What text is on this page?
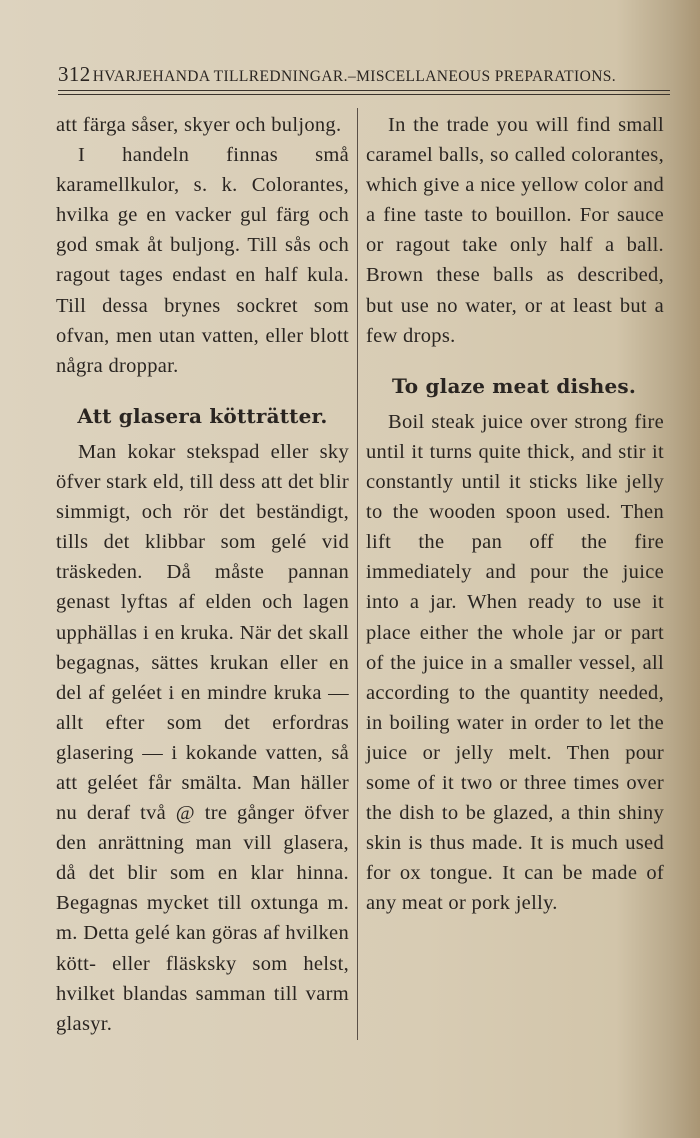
312 HVARJEHANDA TILLREDNINGAR.–MISCELLANEOUS PREPARATIONS.

att färga såser, skyer och buljong.

I handeln finnas små karamellkulor, s. k. Colorantes, hvilka ge en vacker gul färg och god smak åt buljong. Till sås och ragout tages endast en half kula. Till dessa brynes sockret som ofvan, men utan vatten, eller blott några droppar.

Att glasera kötträtter.

Man kokar stekspad eller sky öfver stark eld, till dess att det blir simmigt, och rör det beständigt, tills det klibbar som gelé vid träskeden. Då måste pannan genast lyftas af elden och lagen upphällas i en kruka. När det skall begagnas, sättes krukan eller en del af geléet i en mindre kruka — allt efter som det erfordras glasering — i kokande vatten, så att geléet får smälta. Man häller nu deraf två @ tre gånger öfver den anrättning man vill glasera, då det blir som en klar hinna. Begagnas mycket till oxtunga m. m. Detta gelé kan göras af hvilken kött- eller fläsksky som helst, hvilket blandas samman till varm glasyr.

In the trade you will find small caramel balls, so called colorantes, which give a nice yellow color and a fine taste to bouillon. For sauce or ragout take only half a ball. Brown these balls as described, but use no water, or at least but a few drops.

To glaze meat dishes.

Boil steak juice over strong fire until it turns quite thick, and stir it constantly until it sticks like jelly to the wooden spoon used. Then lift the pan off the fire immediately and pour the juice into a jar. When ready to use it place either the whole jar or part of the juice in a smaller vessel, all according to the quantity needed, in boiling water in order to let the juice or jelly melt. Then pour some of it two or three times over the dish to be glazed, a thin shiny skin is thus made. It is much used for ox tongue. It can be made of any meat or pork jelly.
